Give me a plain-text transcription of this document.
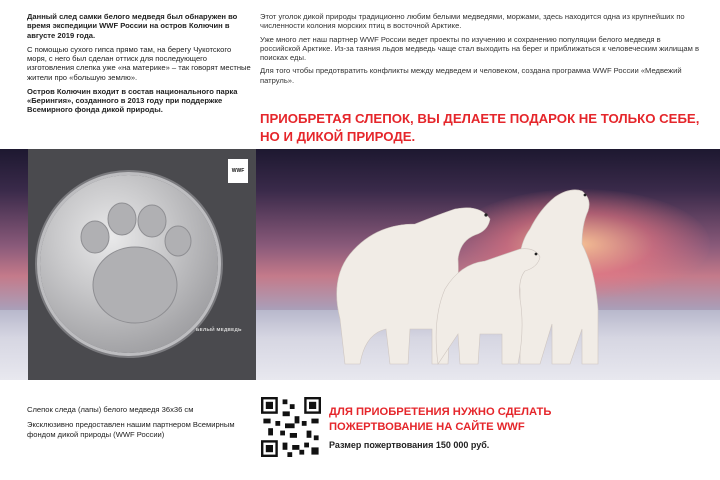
Данный след самки белого медведя был обнаружен во время экспедиции WWF России на остров Колючин в августе 2019 года.

С помощью сухого гипса прямо там, на берегу Чукотского моря, с него был сделан оттиск для последующего изготовления слепка уже «на материке» – так говорят местные жители про «большую землю».

Остров Колючин входит в состав национального парка «Берингия», созданного в 2013 году при поддержке Всемирного фонда дикой природы.

Этот уголок дикой природы традиционно любим белыми медведями, моржами, здесь находится одна из крупнейших по численности колония морских птиц в восточной Арктике.

Уже много лет наш партнер WWF России ведет проекты по изучению и сохранению популяции белого медведя в российской Арктике. Из-за таяния льдов медведь чаще стал выходить на берег и приближаться к человеческим жилищам в поисках еды.

Для того чтобы предотвратить конфликты между медведем и человеком, создана программа WWF России «Медвежий патруль».

ПРИОБРЕТАЯ СЛЕПОК, ВЫ ДЕЛАЕТЕ ПОДАРОК НЕ ТОЛЬКО СЕБЕ,
НО И ДИКОЙ ПРИРОДЕ.
WWF
БЕЛЫЙ МЕДВЕДЬ

Слепок следа (лапы) белого медведя 36x36 см

Эксклюзивно предоставлен нашим партнером Всемирным фондом дикой природы (WWF России)

ДЛЯ ПРИОБРЕТЕНИЯ НУЖНО СДЕЛАТЬ
ПОЖЕРТВОВАНИЕ НА САЙТЕ WWF
Размер пожертвования 150 000 руб.
